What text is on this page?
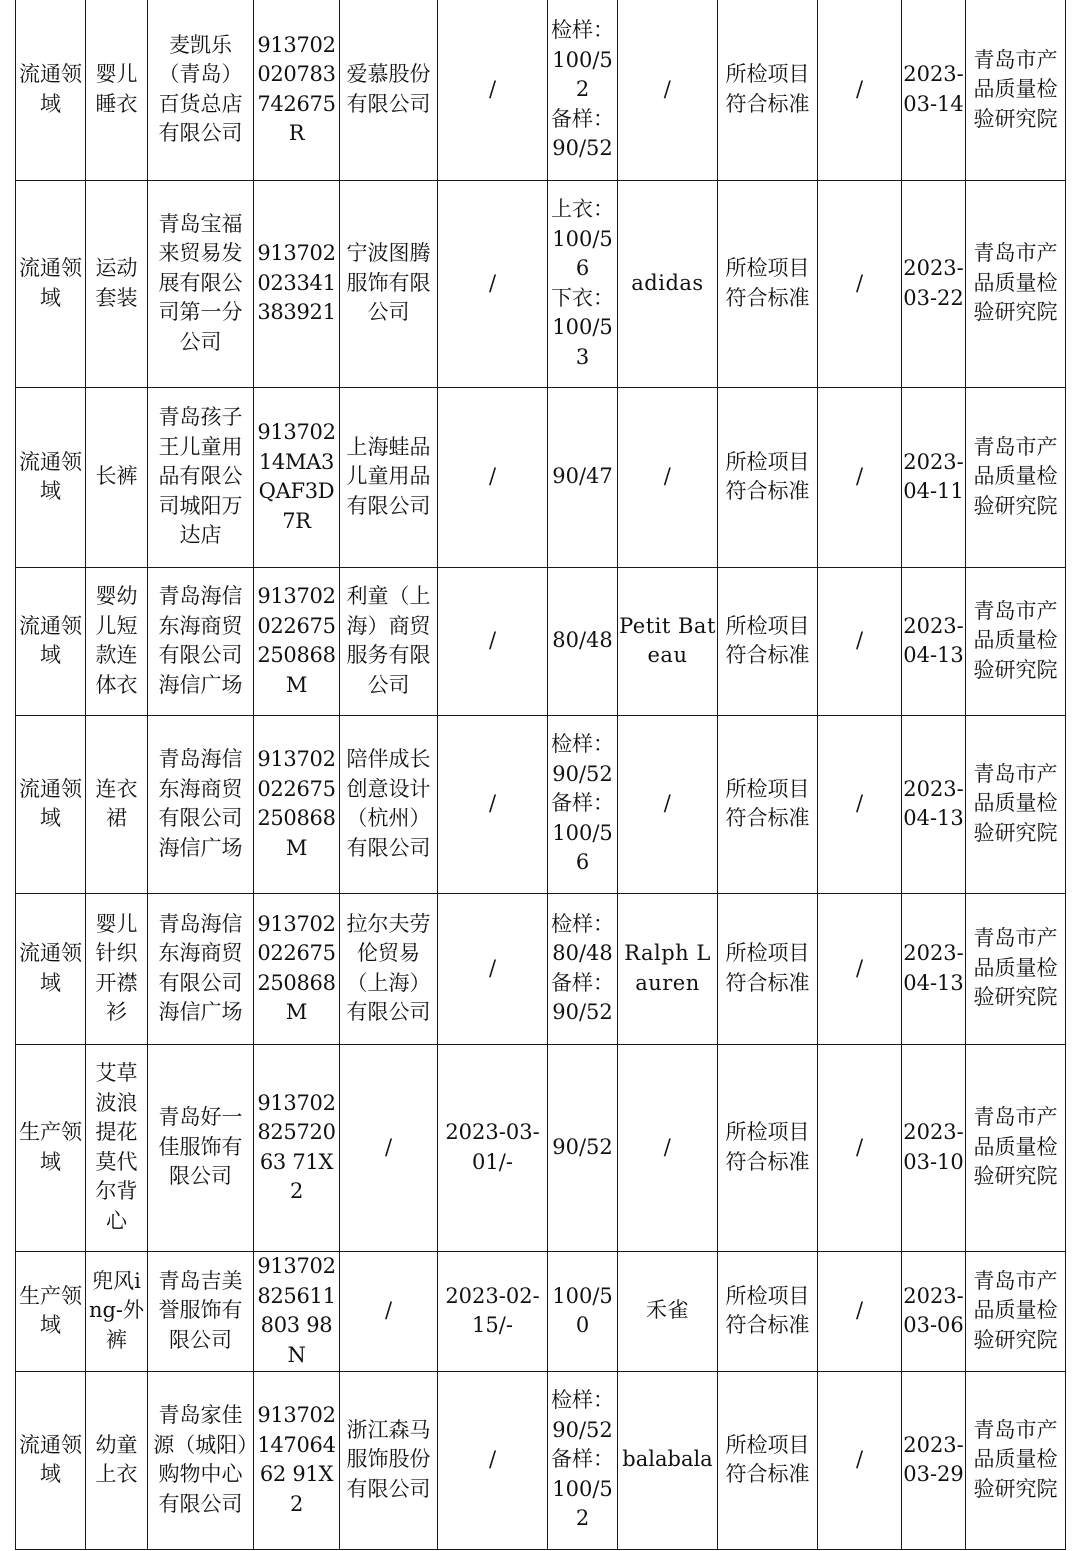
流通领域	婴儿睡衣	麦凯乐（青岛）百货总店有限公司	913702020783742675R	爱慕股份有限公司	/	检样：
100/52
备样：
90/52	/	所检项目符合标准	/	2023-03-14	青岛市产品质量检验研究院
流通领域	运动套装	青岛宝福来贸易发展有限公司第一分公司	913702023341383921	宁波图腾服饰有限公司	/	上衣：
100/56
下衣：
100/53	adidas	所检项目符合标准	/	2023-03-22	青岛市产品质量检验研究院
流通领域	长裤	青岛孩子王儿童用品有限公司城阳万达店	91370214MA3QAF3D7R	上海蛙品儿童用品有限公司	/	90/47	/	所检项目符合标准	/	2023-04-11	青岛市产品质量检验研究院
流通领域	婴幼儿短款连体衣	青岛海信东海商贸有限公司海信广场	913702022675250868M	利童（上海）商贸服务有限公司	/	80/48	Petit Bateau	所检项目符合标准	/	2023-04-13	青岛市产品质量检验研究院
流通领域	连衣裙	青岛海信东海商贸有限公司海信广场	913702022675250868M	陪伴成长创意设计（杭州）有限公司	/	检样：
90/52
备样：
100/56	/	所检项目符合标准	/	2023-04-13	青岛市产品质量检验研究院
流通领域	婴儿针织开襟衫	青岛海信东海商贸有限公司海信广场	913702022675250868M	拉尔夫劳伦贸易（上海）有限公司	/	检样：
80/48
备样：
90/52	Ralph Lauren	所检项目符合标准	/	2023-04-13	青岛市产品质量检验研究院
生产领域	艾草波浪提花莫代尔背心	青岛好一佳服饰有限公司	91370282572063 71X2	/	2023-03-01/-	90/52	/	所检项目符合标准	/	2023-03-10	青岛市产品质量检验研究院
生产领域	兜风ing-外裤	青岛吉美誉服饰有限公司	913702825611803 98N	/	2023-02-15/-	100/50	禾雀	所检项目符合标准	/	2023-03-06	青岛市产品质量检验研究院
流通领域	幼童上衣	青岛家佳源（城阳）购物中心有限公司	91370214706462 91X2	浙江森马服饰股份有限公司	/	检样：
90/52
备样：
100/52	balabala	所检项目符合标准	/	2023-03-29	青岛市产品质量检验研究院
